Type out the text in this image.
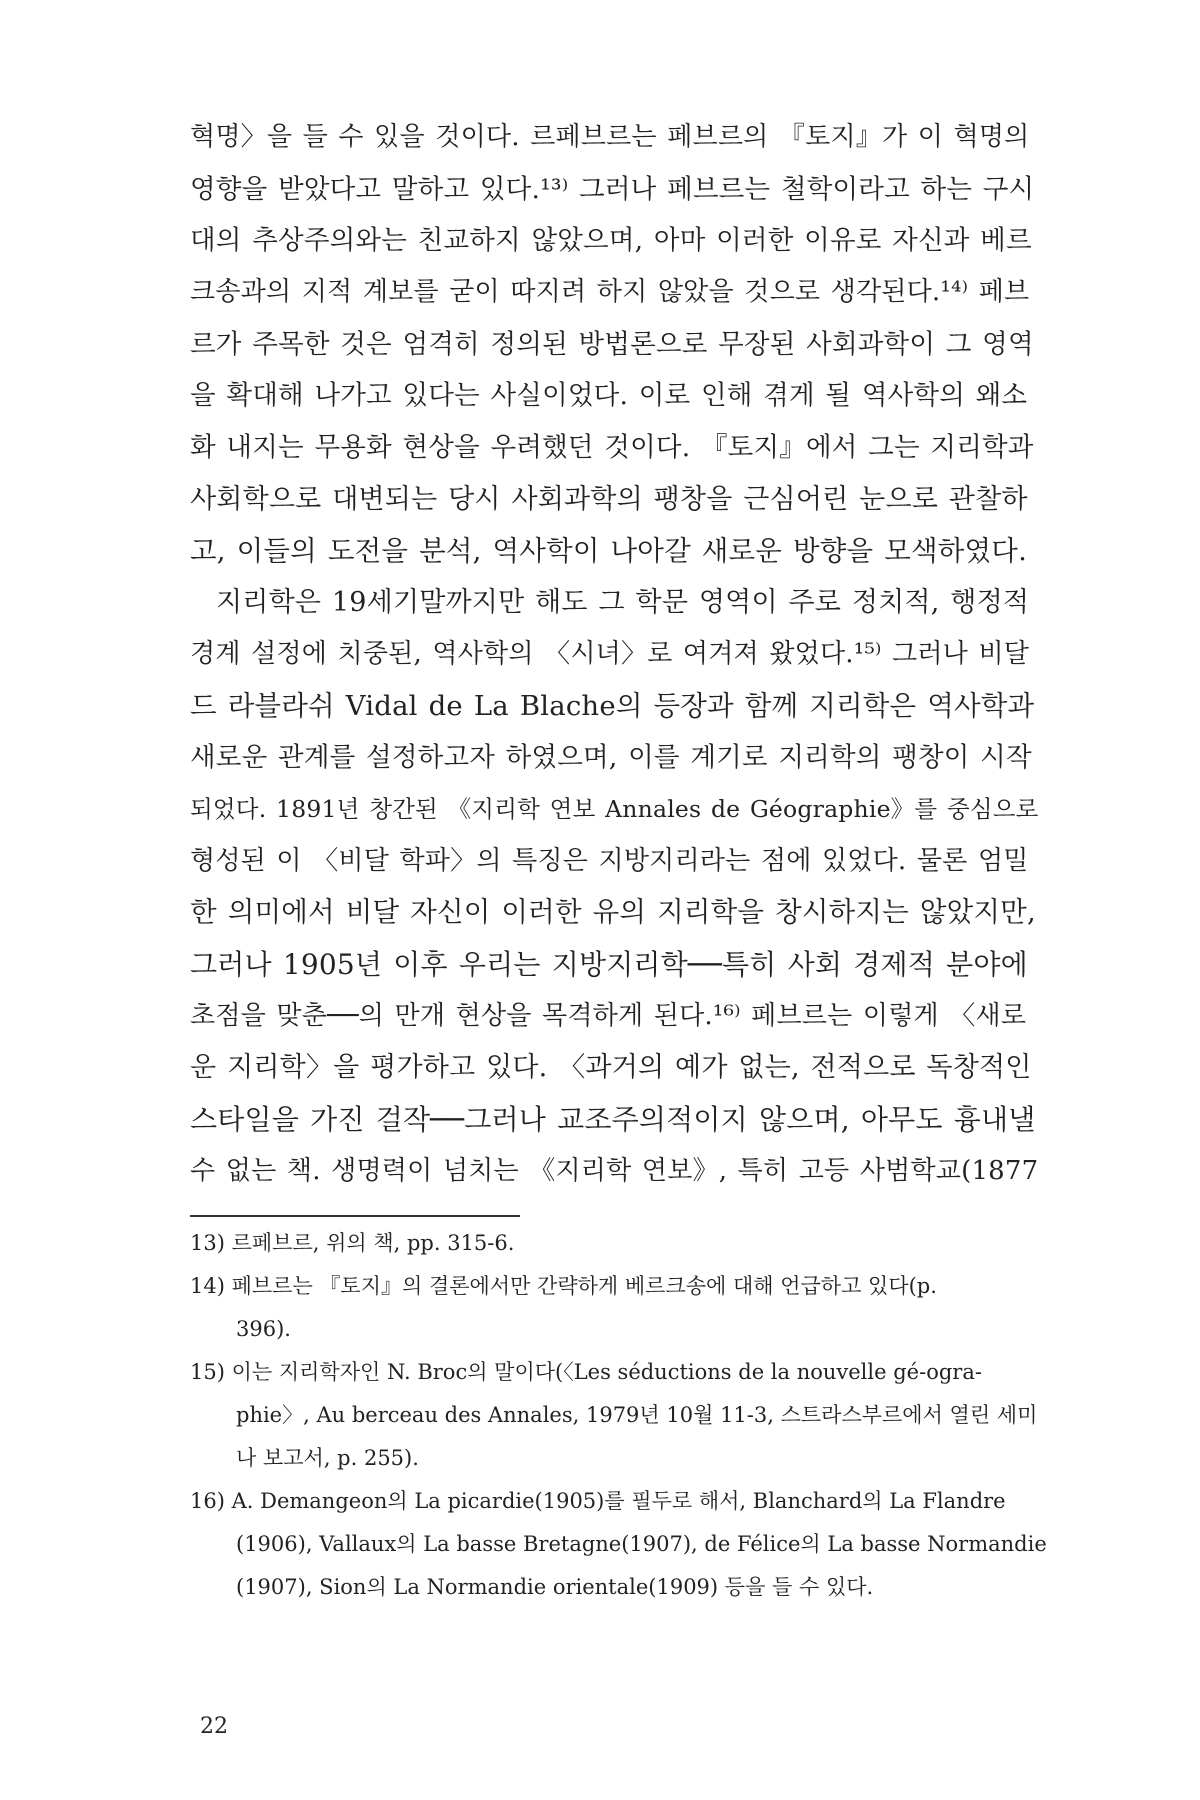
혁명〉을 들 수 있을 것이다. 르페브르는 페브르의 『토지』가 이 혁명의
영향을 받았다고 말하고 있다.¹³⁾ 그러나 페브르는 철학이라고 하는 구시
대의 추상주의와는 친교하지 않았으며, 아마 이러한 이유로 자신과 베르
크송과의 지적 계보를 굳이 따지려 하지 않았을 것으로 생각된다.¹⁴⁾ 페브
르가 주목한 것은 엄격히 정의된 방법론으로 무장된 사회과학이 그 영역
을 확대해 나가고 있다는 사실이었다. 이로 인해 겪게 될 역사학의 왜소
화 내지는 무용화 현상을 우려했던 것이다. 『토지』에서 그는 지리학과
사회학으로 대변되는 당시 사회과학의 팽창을 근심어린 눈으로 관찰하
고, 이들의 도전을 분석, 역사학이 나아갈 새로운 방향을 모색하였다.
지리학은 19세기말까지만 해도 그 학문 영역이 주로 정치적, 행정적
경계 설정에 치중된, 역사학의 〈시녀〉로 여겨져 왔었다.¹⁵⁾ 그러나 비달
드 라블라쉬 Vidal de La Blache의 등장과 함께 지리학은 역사학과
새로운 관계를 설정하고자 하였으며, 이를 계기로 지리학의 팽창이 시작
되었다. 1891년 창간된 《지리학 연보 Annales de Géographie》를 중심으로
형성된 이 〈비달 학파〉의 특징은 지방지리라는 점에 있었다. 물론 엄밀
한 의미에서 비달 자신이 이러한 유의 지리학을 창시하지는 않았지만,
그러나 1905년 이후 우리는 지방지리학──특히 사회 경제적 분야에
초점을 맞춘──의 만개 현상을 목격하게 된다.¹⁶⁾ 페브르는 이렇게 〈새로
운 지리학〉을 평가하고 있다. 〈과거의 예가 없는, 전적으로 독창적인
스타일을 가진 걸작──그러나 교조주의적이지 않으며, 아무도 흉내낼
수 없는 책. 생명력이 넘치는 《지리학 연보》, 특히 고등 사범학교(1877
13) 르페브르, 위의 책, pp. 315-6.
14) 페브르는 『토지』의 결론에서만 간략하게 베르크송에 대해 언급하고 있다(p.
396).
15) 이는 지리학자인 N. Broc의 말이다(〈Les séductions de la nouvelle gé-ogra-
phie〉, Au berceau des Annales, 1979년 10월 11-3, 스트라스부르에서 열린 세미
나 보고서, p. 255).
16) A. Demangeon의 La picardie(1905)를 필두로 해서, Blanchard의 La Flandre
(1906), Vallaux의 La basse Bretagne(1907), de Félice의 La basse Normandie
(1907), Sion의 La Normandie orientale(1909) 등을 들 수 있다.
22
